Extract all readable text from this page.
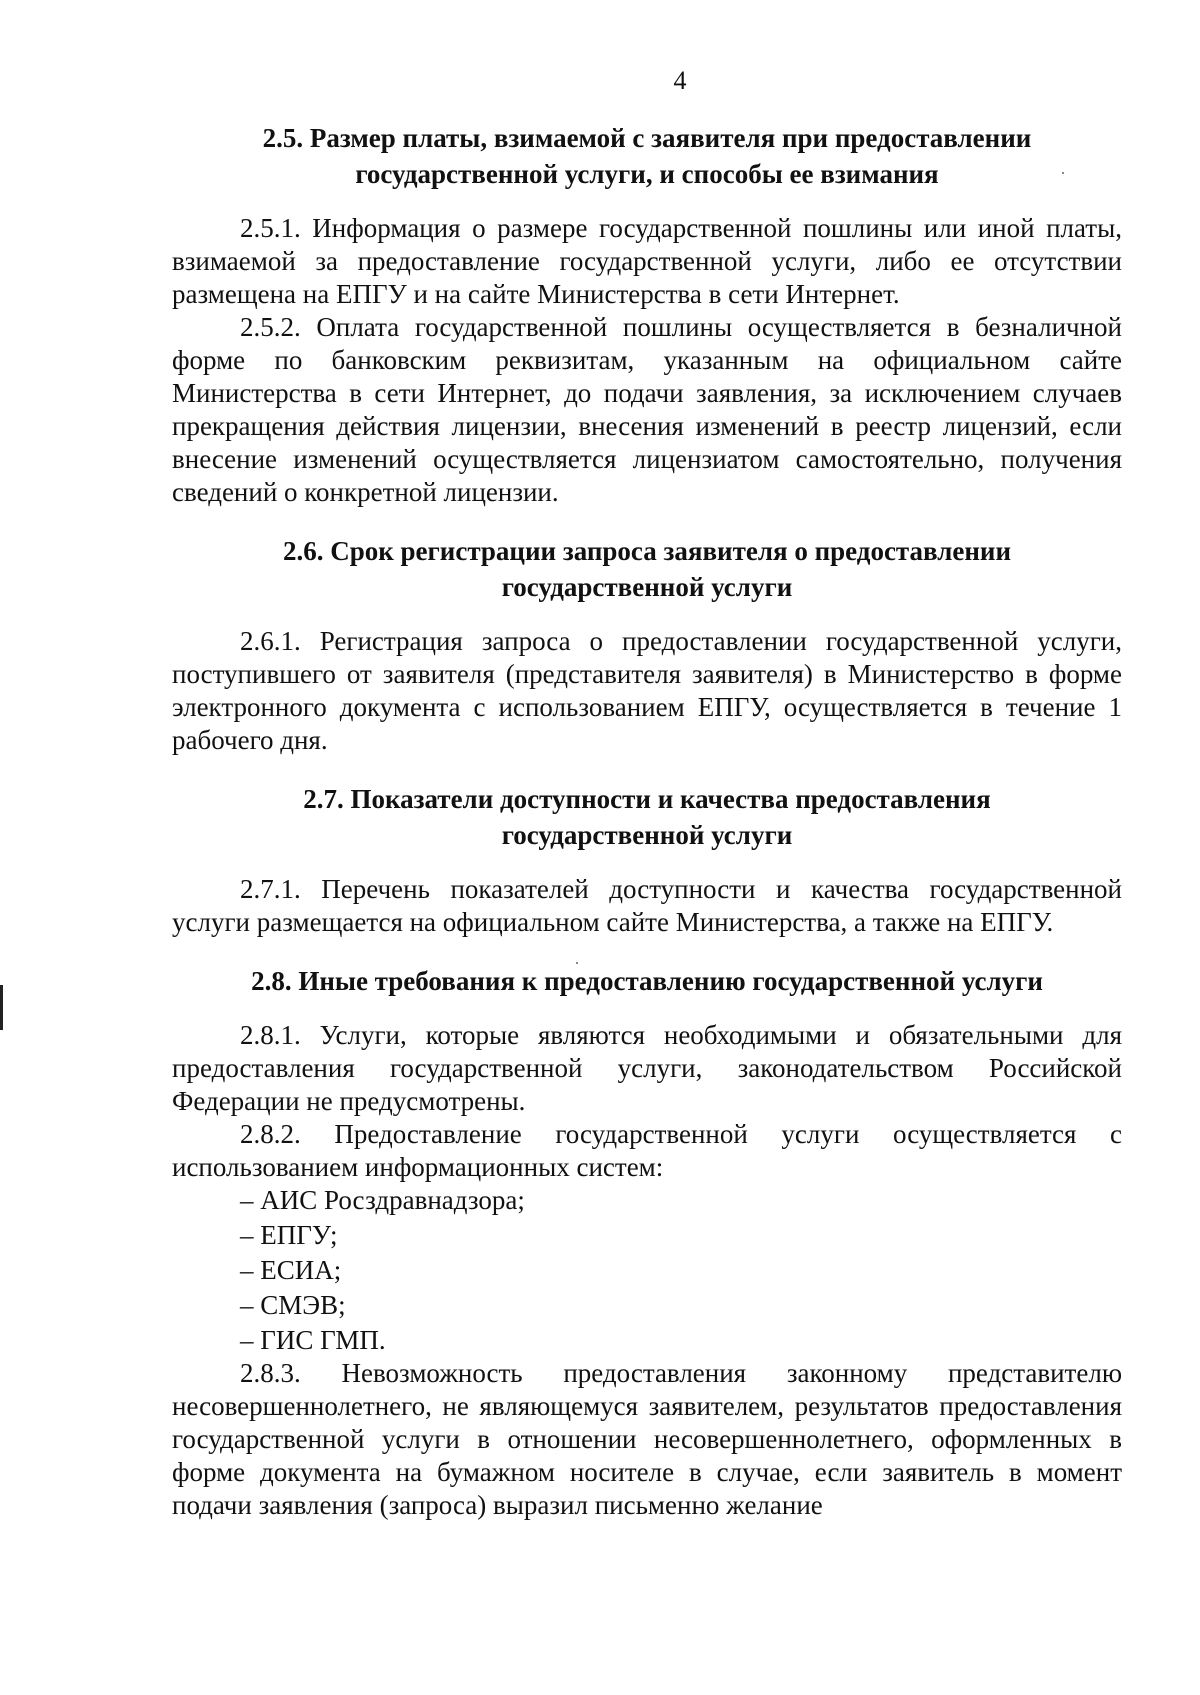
4

2.5. Размер платы, взимаемой с заявителя при предоставлении

государственной услуги, и способы ее взимания

2.5.1. Информация о размере государственной пошлины или иной платы, взимаемой за предоставление государственной услуги, либо ее отсутствии размещена на ЕПГУ и на сайте Министерства в сети Интернет.

2.5.2. Оплата государственной пошлины осуществляется в безналичной форме по банковским реквизитам, указанным на официальном сайте Министерства в сети Интернет, до подачи заявления, за исключением случаев прекращения действия лицензии, внесения изменений в реестр лицензий, если внесение изменений осуществляется лицензиатом самостоятельно, получения сведений о конкретной лицензии.

2.6. Срок регистрации запроса заявителя о предоставлении

государственной услуги

2.6.1. Регистрация запроса о предоставлении государственной услуги, поступившего от заявителя (представителя заявителя) в Министерство в форме электронного документа с использованием ЕПГУ, осуществляется в течение 1 рабочего дня.

2.7. Показатели доступности и качества предоставления

государственной услуги

2.7.1. Перечень показателей доступности и качества государственной услуги размещается на официальном сайте Министерства, а также на ЕПГУ.

2.8. Иные требования к предоставлению государственной услуги

2.8.1. Услуги, которые являются необходимыми и обязательными для предоставления государственной услуги, законодательством Российской Федерации не предусмотрены.

2.8.2. Предоставление государственной услуги осуществляется с использованием информационных систем:

– АИС Росздравнадзора;

– ЕПГУ;

– ЕСИА;

– СМЭВ;

– ГИС ГМП.

2.8.3. Невозможность предоставления законному представителю несовершеннолетнего, не являющемуся заявителем, результатов предоставления государственной услуги в отношении несовершеннолетнего, оформленных в форме документа на бумажном носителе в случае, если заявитель в момент подачи заявления (запроса) выразил письменно желание
